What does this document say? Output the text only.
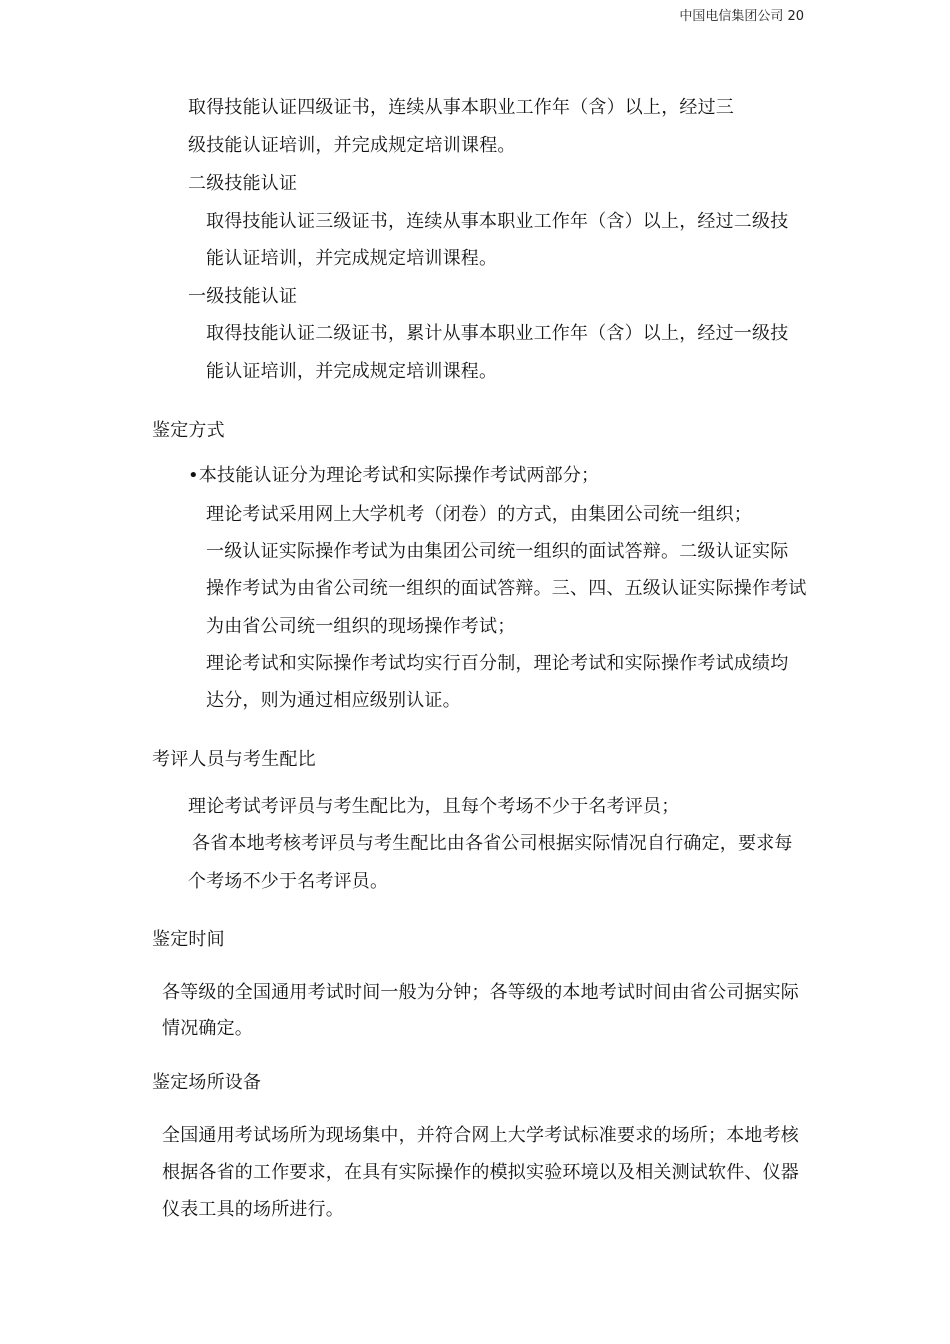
中国电信集团公司 20
取得技能认证四级证书，连续从事本职业工作年（含）以上，经过三
级技能认证培训，并完成规定培训课程。
二级技能认证
取得技能认证三级证书，连续从事本职业工作年（含）以上，经过二级技
能认证培训，并完成规定培训课程。
一级技能认证
取得技能认证二级证书，累计从事本职业工作年（含）以上，经过一级技
能认证培训，并完成规定培训课程。
鉴定方式
•本技能认证分为理论考试和实际操作考试两部分；
理论考试采用网上大学机考（闭卷）的方式，由集团公司统一组织；
一级认证实际操作考试为由集团公司统一组织的面试答辩。二级认证实际
操作考试为由省公司统一组织的面试答辩。三、四、五级认证实际操作考试
为由省公司统一组织的现场操作考试；
理论考试和实际操作考试均实行百分制，理论考试和实际操作考试成绩均
达分，则为通过相应级别认证。
考评人员与考生配比
理论考试考评员与考生配比为，且每个考场不少于名考评员；
各省本地考核考评员与考生配比由各省公司根据实际情况自行确定，要求每
个考场不少于名考评员。
鉴定时间
各等级的全国通用考试时间一般为分钟；各等级的本地考试时间由省公司据实际
情况确定。
鉴定场所设备
全国通用考试场所为现场集中，并符合网上大学考试标准要求的场所；本地考核
根据各省的工作要求，在具有实际操作的模拟实验环境以及相关测试软件、仪器
仪表工具的场所进行。
